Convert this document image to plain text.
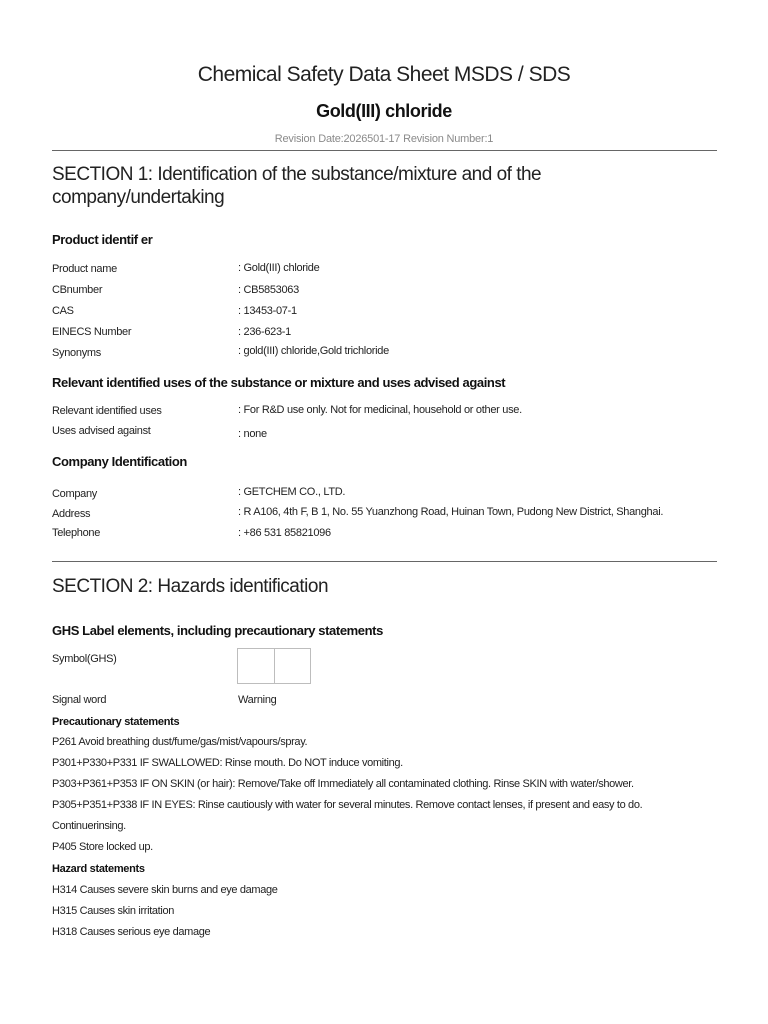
Chemical Safety Data Sheet MSDS / SDS
Gold(III) chloride
Revision Date:2026501-17 Revision Number:1
SECTION 1: Identification of the substance/mixture and of the company/undertaking
Product identif er
Product name	: Gold(III) chloride
CBnumber	: CB5853063
CAS	: 13453-07-1
EINECS Number	: 236-623-1
Synonyms	: gold(III) chloride,Gold trichloride
Relevant identified uses of the substance or mixture and uses advised against
Relevant identified uses	: For R&D use only. Not for medicinal, household or other use.
Uses advised against	: none
Company Identification
Company	: GETCHEM CO., LTD.
Address	: R A106, 4th F, B 1, No. 55 Yuanzhong Road, Huinan Town, Pudong New District, Shanghai.
Telephone	: +86 531 85821096
SECTION 2: Hazards identification
GHS Label elements, including precautionary statements
Symbol(GHS)
Signal word	Warning
Precautionary statements
P261 Avoid breathing dust/fume/gas/mist/vapours/spray.
P301+P330+P331 IF SWALLOWED: Rinse mouth. Do NOT induce vomiting.
P303+P361+P353 IF ON SKIN (or hair): Remove/Take off Immediately all contaminated clothing. Rinse SKIN with water/shower.
P305+P351+P338 IF IN EYES: Rinse cautiously with water for several minutes. Remove contact lenses, if present and easy to do.
Continuerinsing.
P405 Store locked up.
Hazard statements
H314 Causes severe skin burns and eye damage
H315 Causes skin irritation
H318 Causes serious eye damage
